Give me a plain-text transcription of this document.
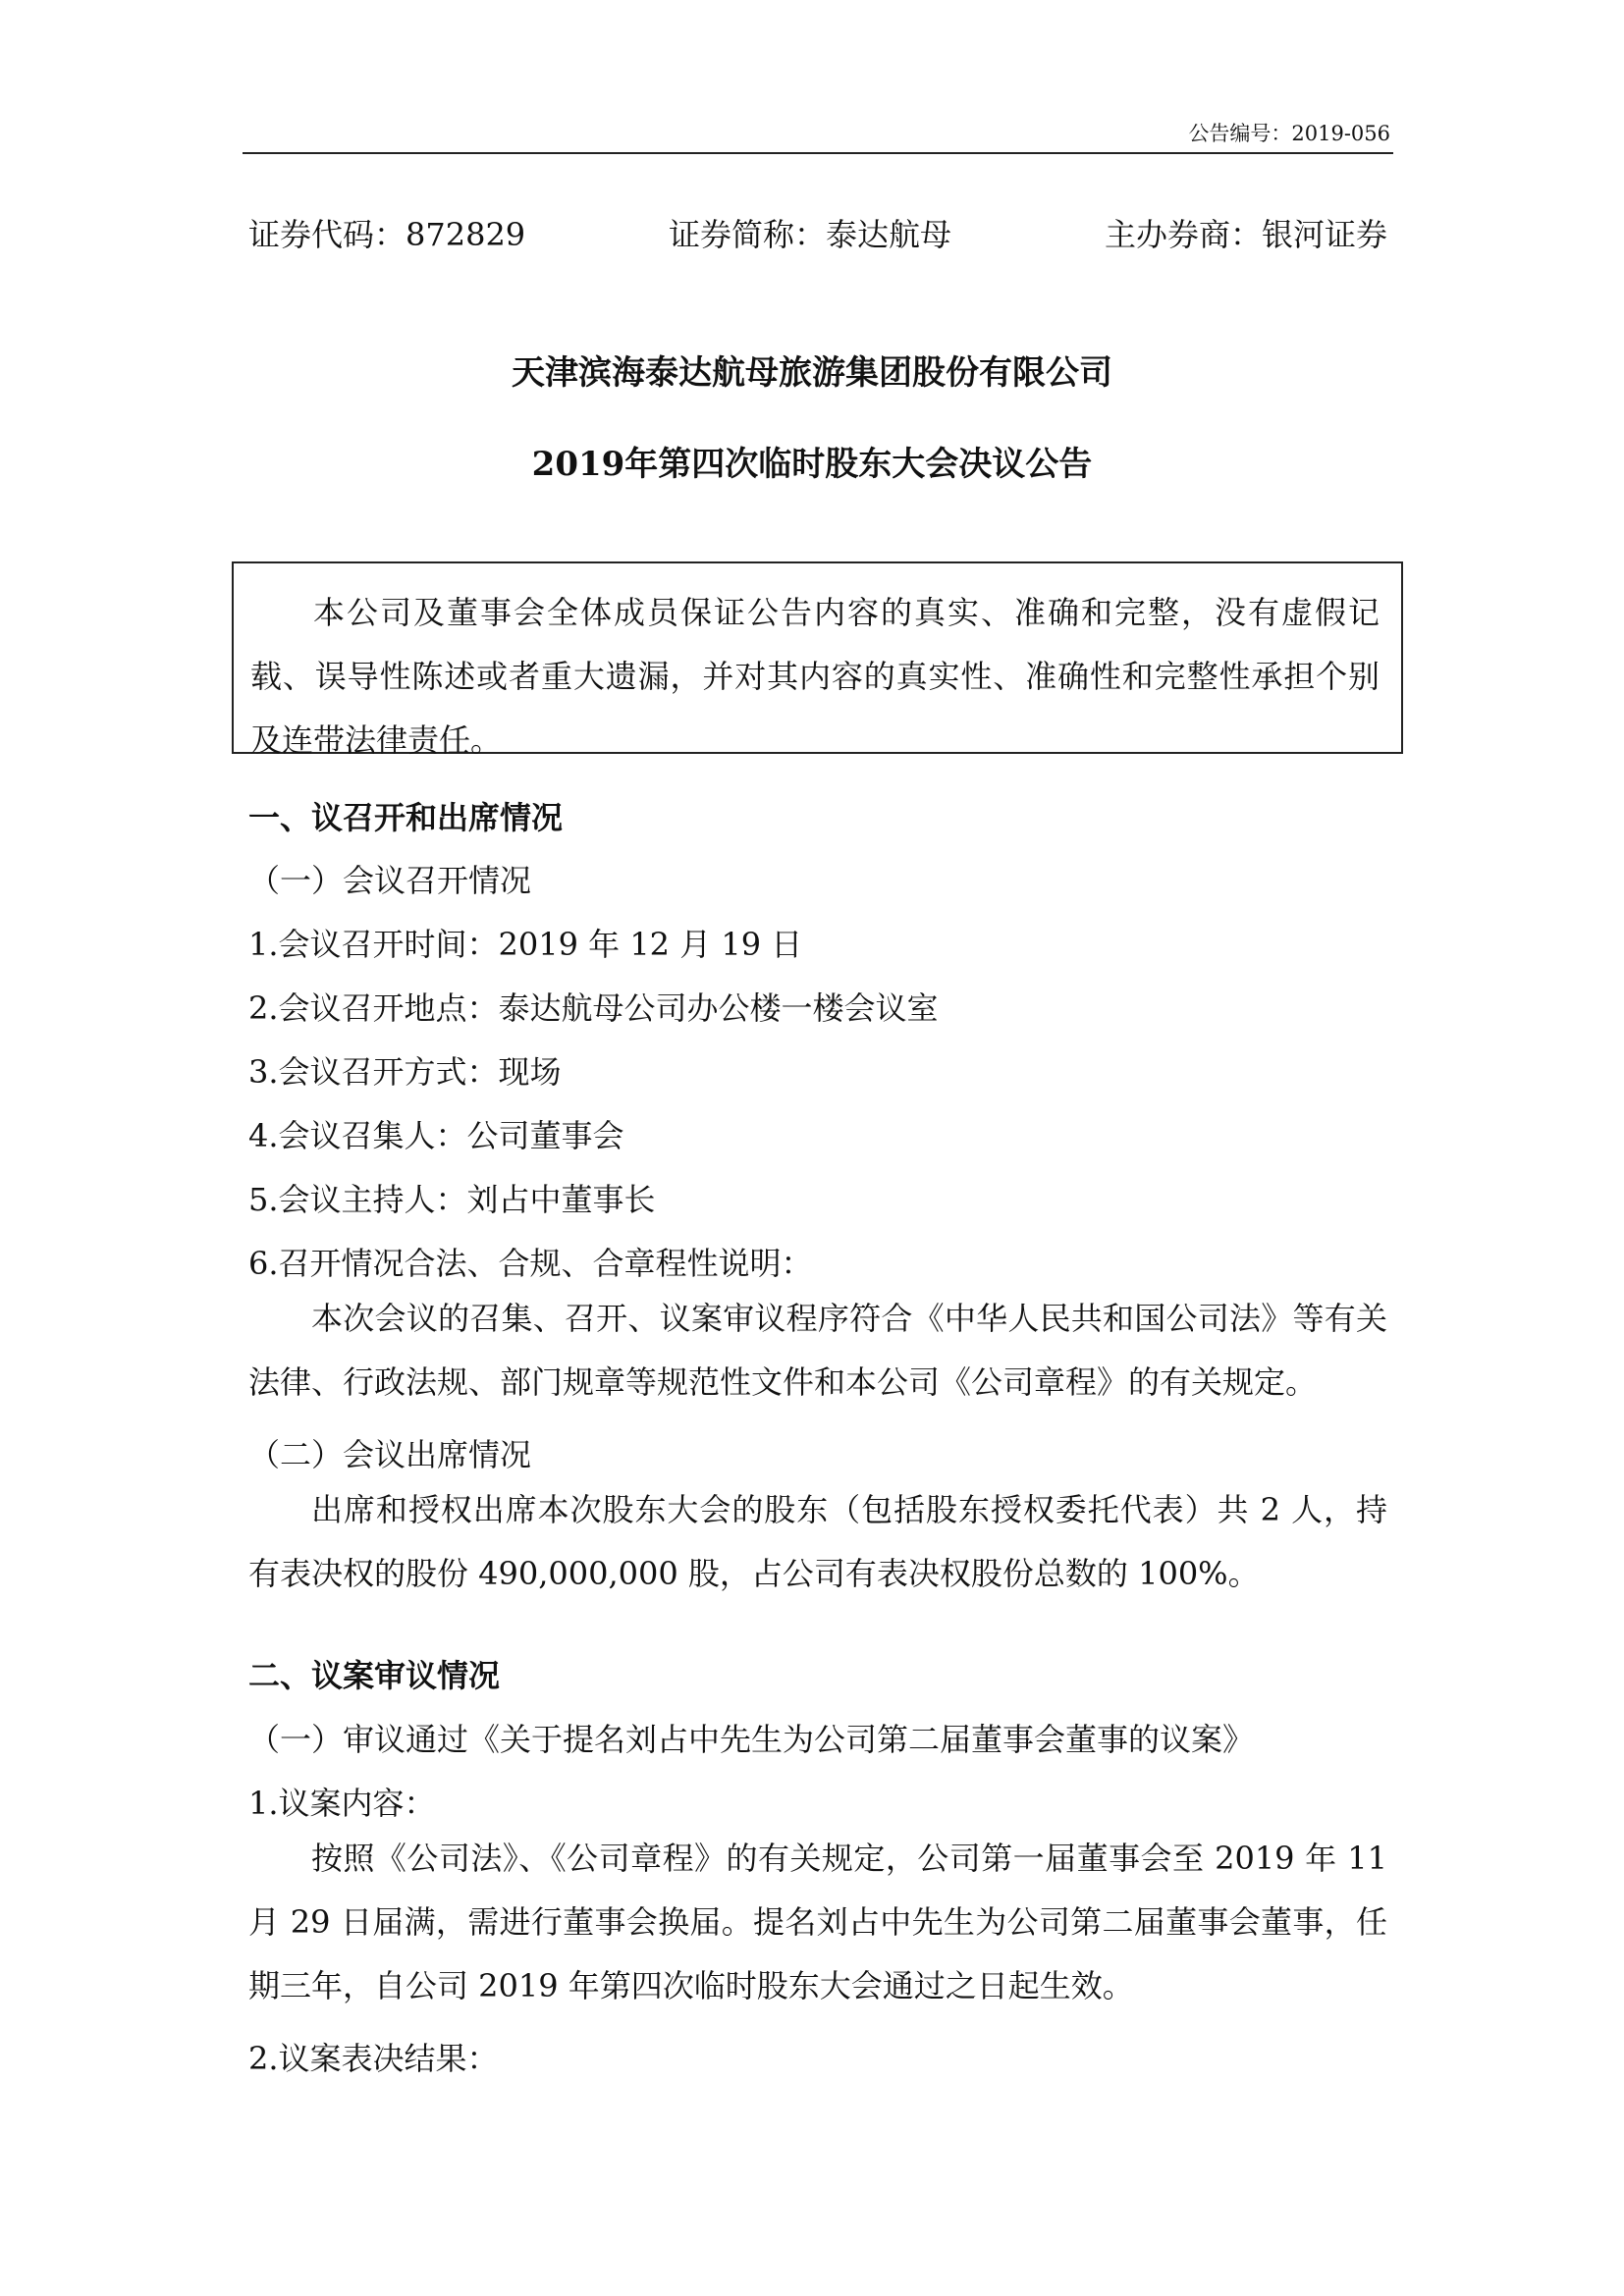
公告编号：2019-056
证券代码：872829	证券简称：泰达航母	主办券商：银河证券
天津滨海泰达航母旅游集团股份有限公司
2019年第四次临时股东大会决议公告
本公司及董事会全体成员保证公告内容的真实、准确和完整，没有虚假记载、误导性陈述或者重大遗漏，并对其内容的真实性、准确性和完整性承担个别及连带法律责任。
一、议召开和出席情况
（一）会议召开情况
1.会议召开时间：2019 年 12 月 19 日
2.会议召开地点：泰达航母公司办公楼一楼会议室
3.会议召开方式：现场
4.会议召集人：公司董事会
5.会议主持人：刘占中董事长
6.召开情况合法、合规、合章程性说明：
本次会议的召集、召开、议案审议程序符合《中华人民共和国公司法》等有关法律、行政法规、部门规章等规范性文件和本公司《公司章程》的有关规定。
（二）会议出席情况
出席和授权出席本次股东大会的股东（包括股东授权委托代表）共 2 人，持有表决权的股份 490,000,000 股，占公司有表决权股份总数的 100%。
二、议案审议情况
（一）审议通过《关于提名刘占中先生为公司第二届董事会董事的议案》
1.议案内容：
按照《公司法》、《公司章程》的有关规定，公司第一届董事会至 2019 年 11 月 29 日届满，需进行董事会换届。提名刘占中先生为公司第二届董事会董事，任期三年，自公司 2019 年第四次临时股东大会通过之日起生效。
2.议案表决结果：
